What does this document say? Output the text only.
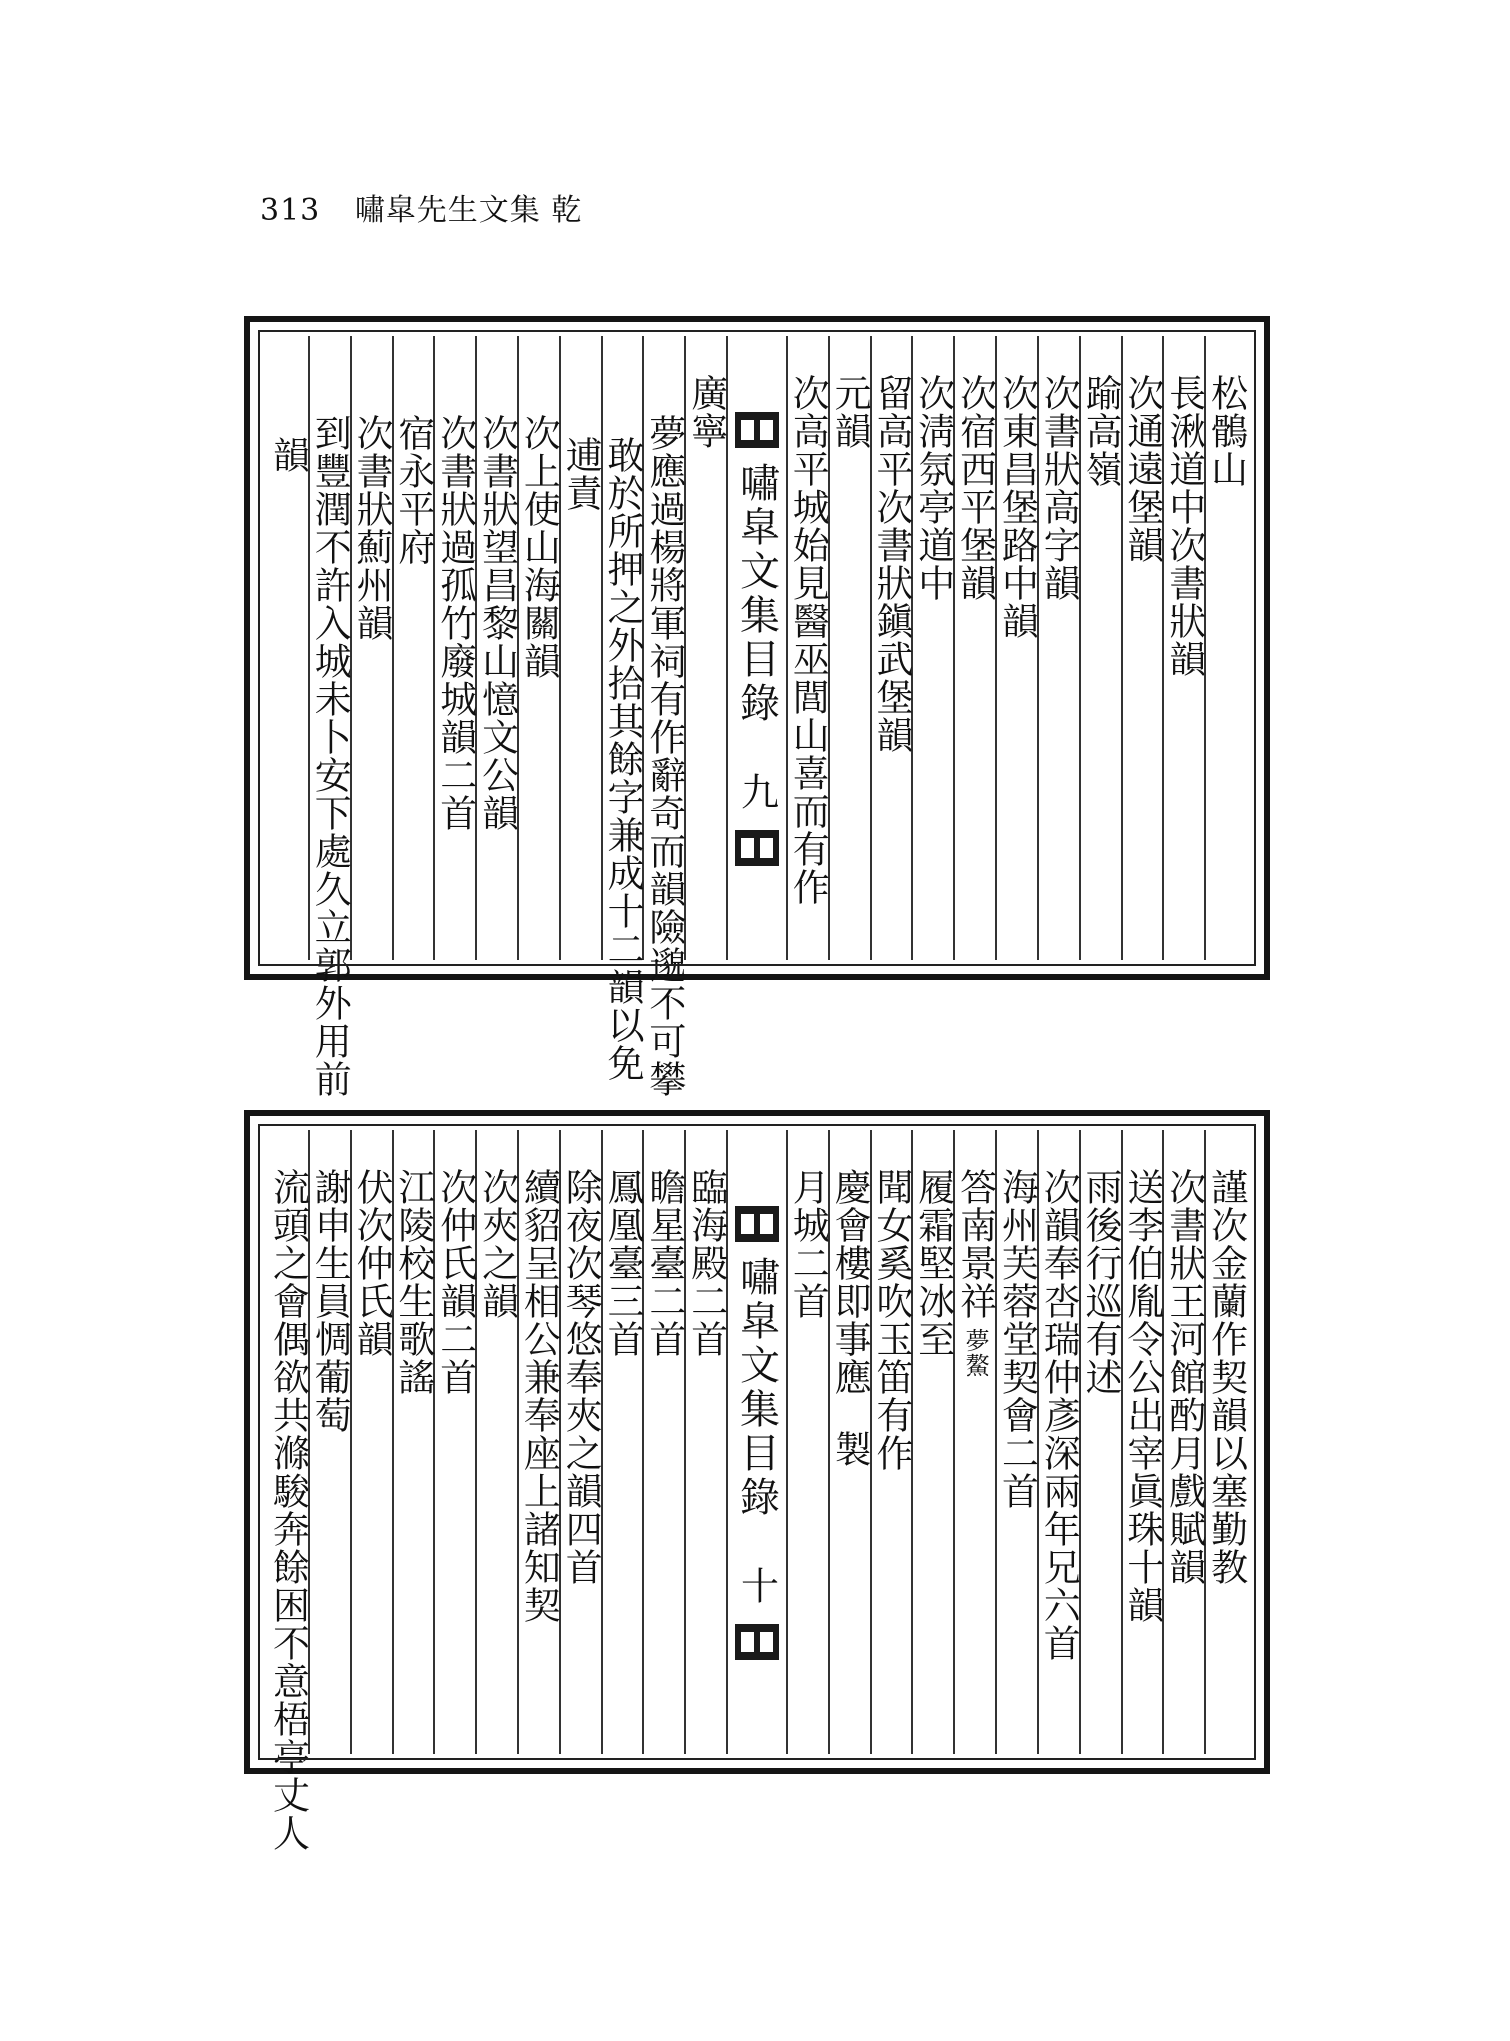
313 嘯皐先生文集 乾
松鶻山
長湫道中次書狀韻
次通遠堡韻
踰高嶺
次書狀高字韻
次東昌堡路中韻
次宿西平堡韻
次淸氛亭道中
留高平次書狀鎭武堡韻
元韻
次高平城始見醫巫閭山喜而有作
嘯皐文集目錄
九
廣寧
夢應過楊將軍祠有作辭奇而韻險邈不可攀
敢於所押之外拾其餘字兼成十二韻以免
逋責
次上使山海關韻
次書狀望昌黎山憶文公韻
次書狀過孤竹廢城韻二首
宿永平府
次書狀薊州韻
到豐潤不許入城未卜安下處久立郭外用前
韻
謹次金蘭作契韻以塞勤教
次書狀王河館酌月戲賦韻
送李伯胤令公出宰眞珠十韻
雨後行巡有述
次韻奉呇瑞仲彥深兩年兄六首
海州芙蓉堂契會二首
答南景祥
夢鰲
履霜堅冰至
聞女奚吹玉笛有作
慶會樓即事應
製
月城二首
嘯皐文集目錄
十
臨海殿二首
瞻星臺二首
鳳凰臺三首
除夜次琴悠奉夾之韻四首
續貂呈相公兼奉座上諸知契
次夾之韻
次仲氏韻二首
江陵校生歌謠
伏次仲氏韻
謝申生員惆葡萄
流頭之會偶欲共滌駿奔餘困不意梧亭丈人
